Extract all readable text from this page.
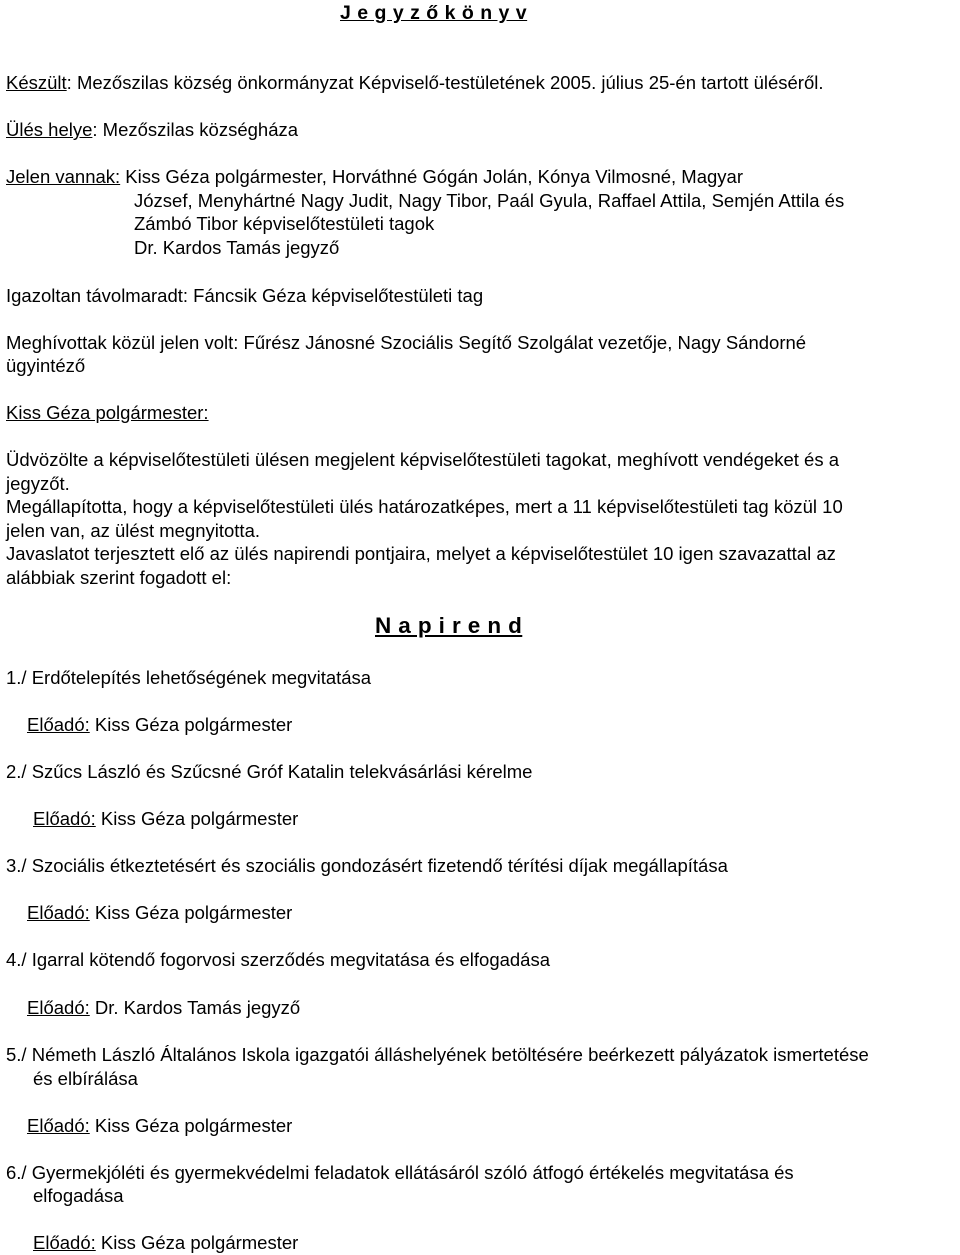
J e g y z ő k ö n y v
Készült: Mezőszilas község önkormányzat Képviselő-testületének 2005. július 25-én tartott üléséről.
Ülés helye: Mezőszilas községháza
Jelen vannak: Kiss Géza polgármester, Horváthné Gógán Jolán, Kónya Vilmosné, Magyar
József, Menyhártné Nagy Judit, Nagy Tibor, Paál Gyula, Raffael Attila, Semjén Attila és
Zámbó Tibor képviselőtestületi tagok
Dr. Kardos Tamás jegyző
Igazoltan távolmaradt: Fáncsik Géza képviselőtestületi tag
Meghívottak közül jelen volt: Fűrész Jánosné Szociális Segítő Szolgálat vezetője, Nagy Sándorné
ügyintéző
Kiss Géza polgármester:
Üdvözölte a képviselőtestületi ülésen megjelent képviselőtestületi tagokat, meghívott vendégeket és a
jegyzőt.
Megállapította, hogy a képviselőtestületi ülés határozatképes, mert a 11 képviselőtestületi tag közül 10
jelen van, az ülést megnyitotta.
Javaslatot terjesztett elő az ülés napirendi pontjaira, melyet a képviselőtestület 10 igen szavazattal az
alábbiak szerint fogadott el:
N a p i r e n d
1./ Erdőtelepítés lehetőségének megvitatása
Előadó: Kiss Géza polgármester
2./ Szűcs László és Szűcsné Gróf Katalin telekvásárlási kérelme
Előadó: Kiss Géza polgármester
3./ Szociális étkeztetésért és szociális gondozásért fizetendő térítési díjak megállapítása
Előadó: Kiss Géza polgármester
4./ Igarral kötendő fogorvosi szerződés megvitatása és elfogadása
Előadó: Dr. Kardos Tamás jegyző
5./ Németh László Általános Iskola igazgatói álláshelyének betöltésére beérkezett pályázatok ismertetése
és elbírálása
Előadó: Kiss Géza polgármester
6./ Gyermekjóléti és gyermekvédelmi feladatok ellátásáról szóló átfogó értékelés megvitatása és
elfogadása
Előadó: Kiss Géza polgármester
